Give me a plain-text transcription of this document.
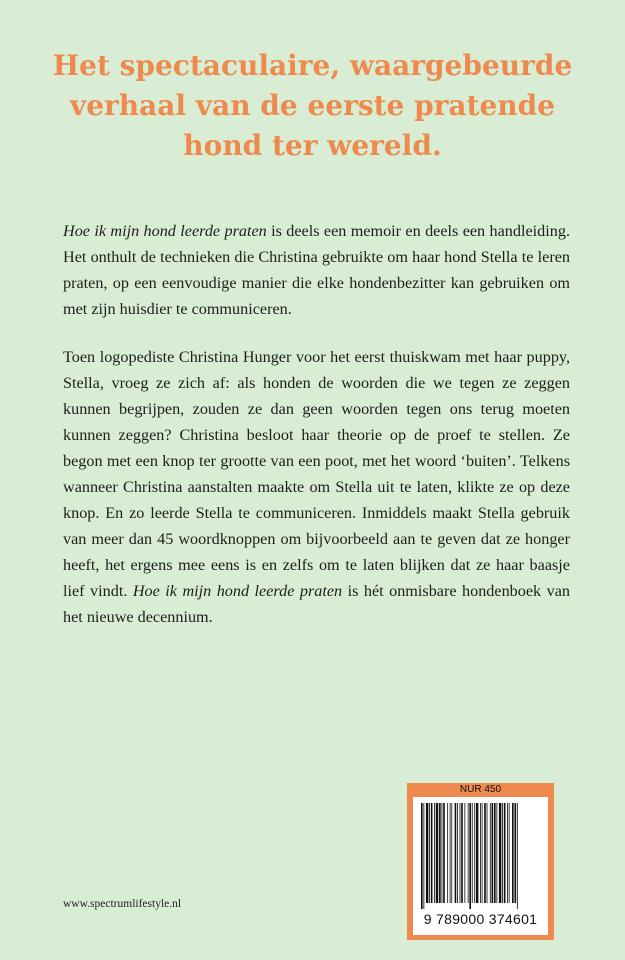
Het spectaculaire, waargebeurde
verhaal van de eerste pratende
hond ter wereld.

Hoe ik mijn hond leerde praten is deels een memoir en deels een handleiding. Het onthult de technieken die Christina gebruikte om haar hond Stella te leren praten, op een eenvoudige manier die elke hondenbezitter kan gebruiken om met zijn huisdier te communiceren.

Toen logopediste Christina Hunger voor het eerst thuiskwam met haar puppy, Stella, vroeg ze zich af: als honden de woorden die we tegen ze zeggen kunnen begrijpen, zouden ze dan geen woorden tegen ons terug moeten kunnen zeggen? Christina besloot haar theorie op de proef te stellen. Ze begon met een knop ter grootte van een poot, met het woord ‘buiten’. Telkens wanneer Christina aanstalten maakte om Stella uit te laten, klikte ze op deze knop. En zo leerde Stella te communiceren. Inmiddels maakt Stella gebruik van meer dan 45 woordknoppen om bijvoorbeeld aan te geven dat ze honger heeft, het ergens mee eens is en zelfs om te laten blijken dat ze haar baasje lief vindt. Hoe ik mijn hond leerde praten is hét onmisbare hondenboek van het nieuwe decennium.

NUR 450
9 789000 374601
www.spectrumlifestyle.nl
